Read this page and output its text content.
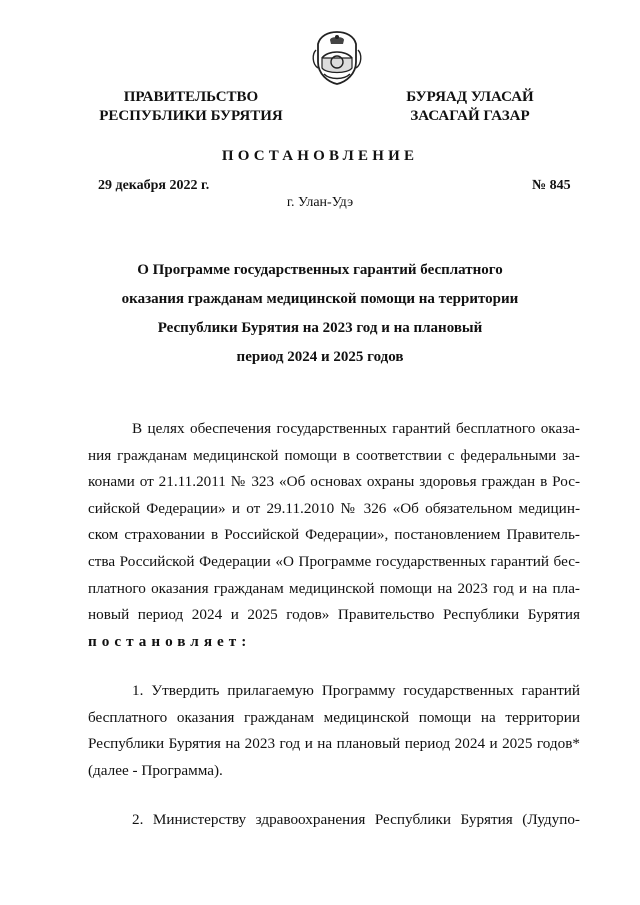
ПРАВИТЕЛЬСТВО
РЕСПУБЛИКИ БУРЯТИЯ
БУРЯАД УЛАСАЙ
ЗАСАГАЙ ГАЗАР
ПОСТАНОВЛЕНИЕ
29 декабря 2022 г.	№ 845
г. Улан-Удэ
О Программе государственных гарантий бесплатного
оказания гражданам медицинской помощи на территории
Республики Бурятия на 2023 год и на плановый
период 2024 и 2025 годов
В целях обеспечения государственных гарантий бесплатного оказа-
ния гражданам медицинской помощи в соответствии с федеральными за-
конами от 21.11.2011 № 323 «Об основах охраны здоровья граждан в Рос-
сийской Федерации» и от 29.11.2010 № 326 «Об обязательном медицин-
ском страховании в Российской Федерации», постановлением Правитель-
ства Российской Федерации «О Программе государственных гарантий бес-
платного оказания гражданам медицинской помощи на 2023 год и на пла-
новый период 2024 и 2025 годов» Правительство Республики Бурятия
постановляет:
1. Утвердить прилагаемую Программу государственных гарантий
бесплатного оказания гражданам медицинской помощи на территории
Республики Бурятия на 2023 год и на плановый период 2024 и 2025 годов*
(далее - Программа).
2. Министерству здравоохранения Республики Бурятия (Лудупо-
